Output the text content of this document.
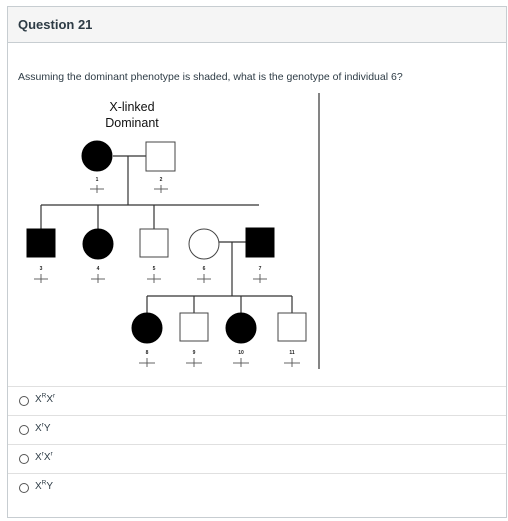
Question 21
Assuming the dominant phenotype is shaded, what is the genotype of individual 6?
X-linked
Dominant
1	2
3	4	5	6	7
8	9	10	11
$X^RX^r$
$X^rY$
$X^rX^r$
$X^RY$
